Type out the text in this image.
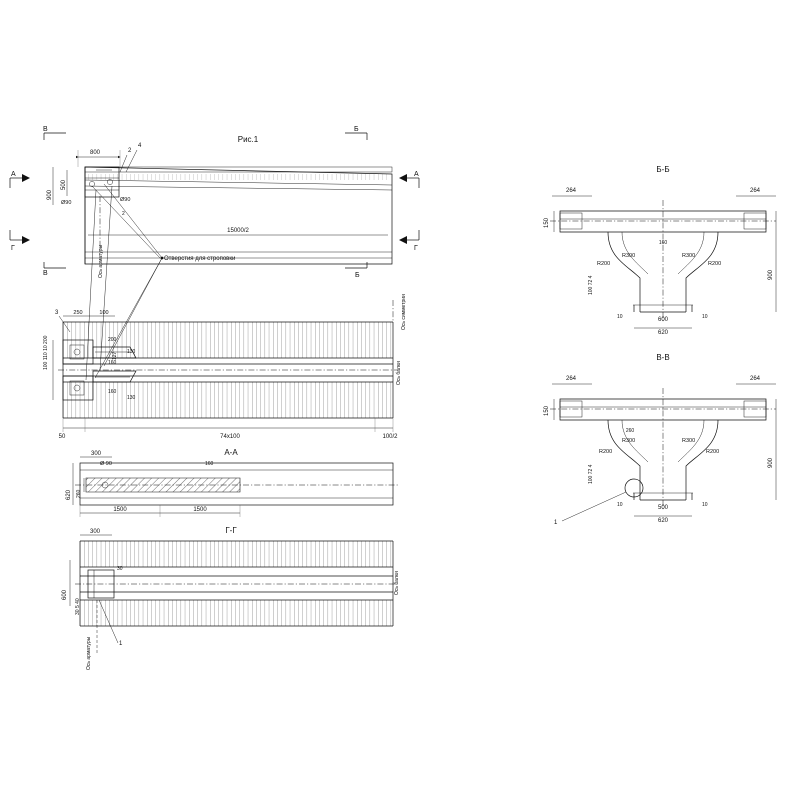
Рис.1
В
В
Б
Б
А
Г
А
Г
800
500
900
Ø90	Ø90
2
4
Отверстия для строповки
2
Ось арматуры
15000/2
250	100
3
100 110 10 200	127 130
130
200
160
160
50	74x100	100/2
Ось симметрии
Ось балки
А-А
300
Ø 90	160
620 260
1500	1500
Г-Г
300
30
600
30 5 40
Ось балки
Ось арматуры	1
Б-Б
264	264
150
160
R300	R300
R200	R200
100 72 4
900
600
620
10	10
В-В
264	264
150
260
R300	R300
R200	R200
100 72 4
900
500
620
10	10
1
